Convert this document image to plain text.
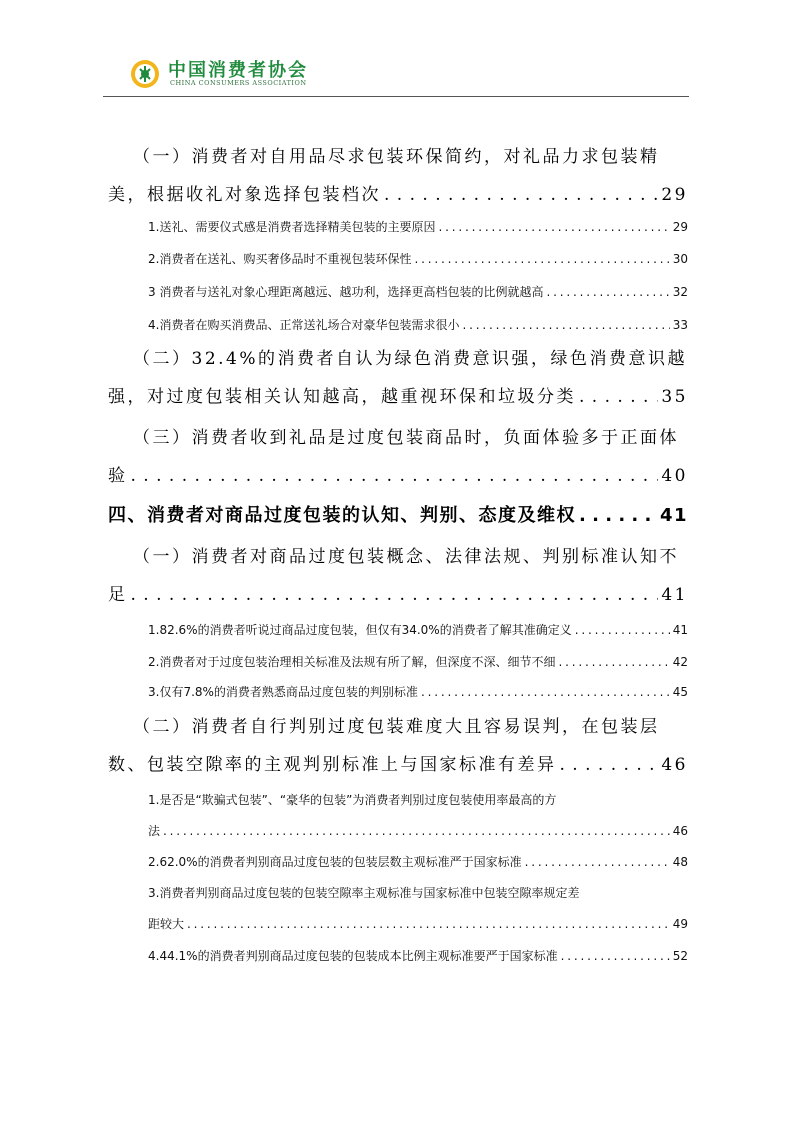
中国消费者协会
CHINA CONSUMERS ASSOCIATION
（一）消费者对自用品尽求包装环保简约，对礼品力求包装精
美，根据收礼对象选择包装档次 . . .	29
1.送礼、需要仪式感是消费者选择精美包装的主要原因 . . .	29
2.消费者在送礼、购买奢侈品时不重视包装环保性 . . .	30
3 消费者与送礼对象心理距离越远、越功利，选择更高档包装的比例就越高 . . .	32
4.消费者在购买消费品、正常送礼场合对豪华包装需求很小 . . .	33
（二）32.4%的消费者自认为绿色消费意识强，绿色消费意识越
强，对过度包装相关认知越高，越重视环保和垃圾分类 . . .	35
（三）消费者收到礼品是过度包装商品时，负面体验多于正面体
验 . . .	40
四、消费者对商品过度包装的认知、判别、态度及维权 . . .	41
（一）消费者对商品过度包装概念、法律法规、判别标准认知不
足 . . .	41
1.82.6%的消费者听说过商品过度包装，但仅有34.0%的消费者了解其准确定义 . . .	41
2.消费者对于过度包装治理相关标准及法规有所了解，但深度不深、细节不细 . . .	42
3.仅有7.8%的消费者熟悉商品过度包装的判别标准 . . .	45
（二）消费者自行判别过度包装难度大且容易误判，在包装层
数、包装空隙率的主观判别标准上与国家标准有差异 . . .	46
1.是否是“欺骗式包装”、“豪华的包装”为消费者判别过度包装使用率最高的方
法 . . .	46
2.62.0%的消费者判别商品过度包装的包装层数主观标准严于国家标准 . . .	48
3.消费者判别商品过度包装的包装空隙率主观标准与国家标准中包装空隙率规定差
距较大 . . .	49
4.44.1%的消费者判别商品过度包装的包装成本比例主观标准要严于国家标准 . . .	52
